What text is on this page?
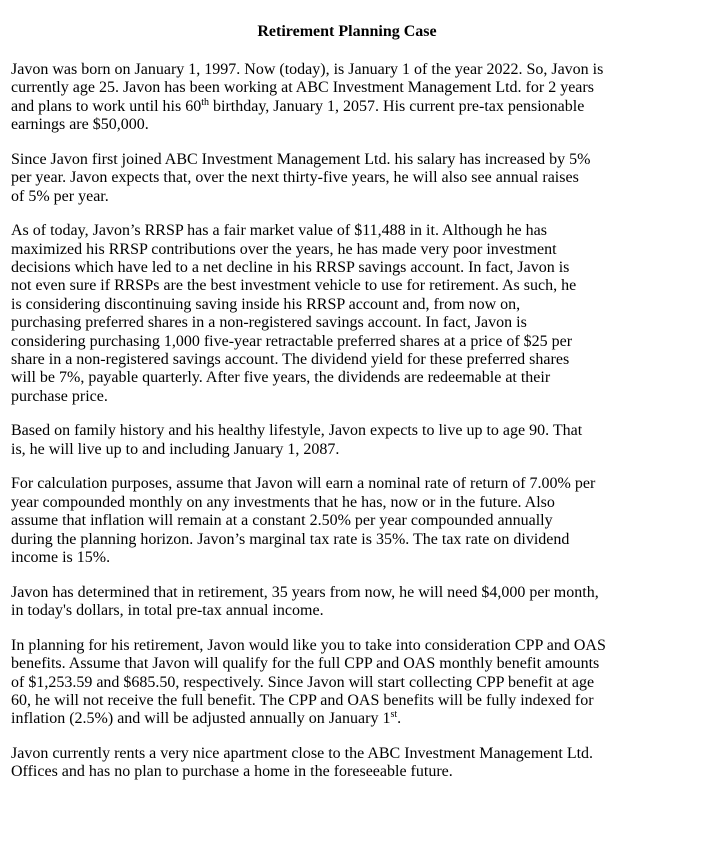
Retirement Planning Case
Javon was born on January 1, 1997. Now (today), is January 1 of the year 2022. So, Javon is
currently age 25. Javon has been working at ABC Investment Management Ltd. for 2 years
and plans to work until his 60th birthday, January 1, 2057. His current pre-tax pensionable
earnings are $50,000.
Since Javon first joined ABC Investment Management Ltd. his salary has increased by 5%
per year. Javon expects that, over the next thirty-five years, he will also see annual raises
of 5% per year.
As of today, Javon’s RRSP has a fair market value of $11,488 in it. Although he has
maximized his RRSP contributions over the years, he has made very poor investment
decisions which have led to a net decline in his RRSP savings account. In fact, Javon is
not even sure if RRSPs are the best investment vehicle to use for retirement. As such, he
is considering discontinuing saving inside his RRSP account and, from now on,
purchasing preferred shares in a non-registered savings account. In fact, Javon is
considering purchasing 1,000 five-year retractable preferred shares at a price of $25 per
share in a non-registered savings account. The dividend yield for these preferred shares
will be 7%, payable quarterly. After five years, the dividends are redeemable at their
purchase price.
Based on family history and his healthy lifestyle, Javon expects to live up to age 90. That
is, he will live up to and including January 1, 2087.
For calculation purposes, assume that Javon will earn a nominal rate of return of 7.00% per
year compounded monthly on any investments that he has, now or in the future. Also
assume that inflation will remain at a constant 2.50% per year compounded annually
during the planning horizon. Javon’s marginal tax rate is 35%. The tax rate on dividend
income is 15%.
Javon has determined that in retirement, 35 years from now, he will need $4,000 per month,
in today's dollars, in total pre-tax annual income.
In planning for his retirement, Javon would like you to take into consideration CPP and OAS
benefits. Assume that Javon will qualify for the full CPP and OAS monthly benefit amounts
of $1,253.59 and $685.50, respectively. Since Javon will start collecting CPP benefit at age
60, he will not receive the full benefit. The CPP and OAS benefits will be fully indexed for
inflation (2.5%) and will be adjusted annually on January 1st.
Javon currently rents a very nice apartment close to the ABC Investment Management Ltd.
Offices and has no plan to purchase a home in the foreseeable future.
